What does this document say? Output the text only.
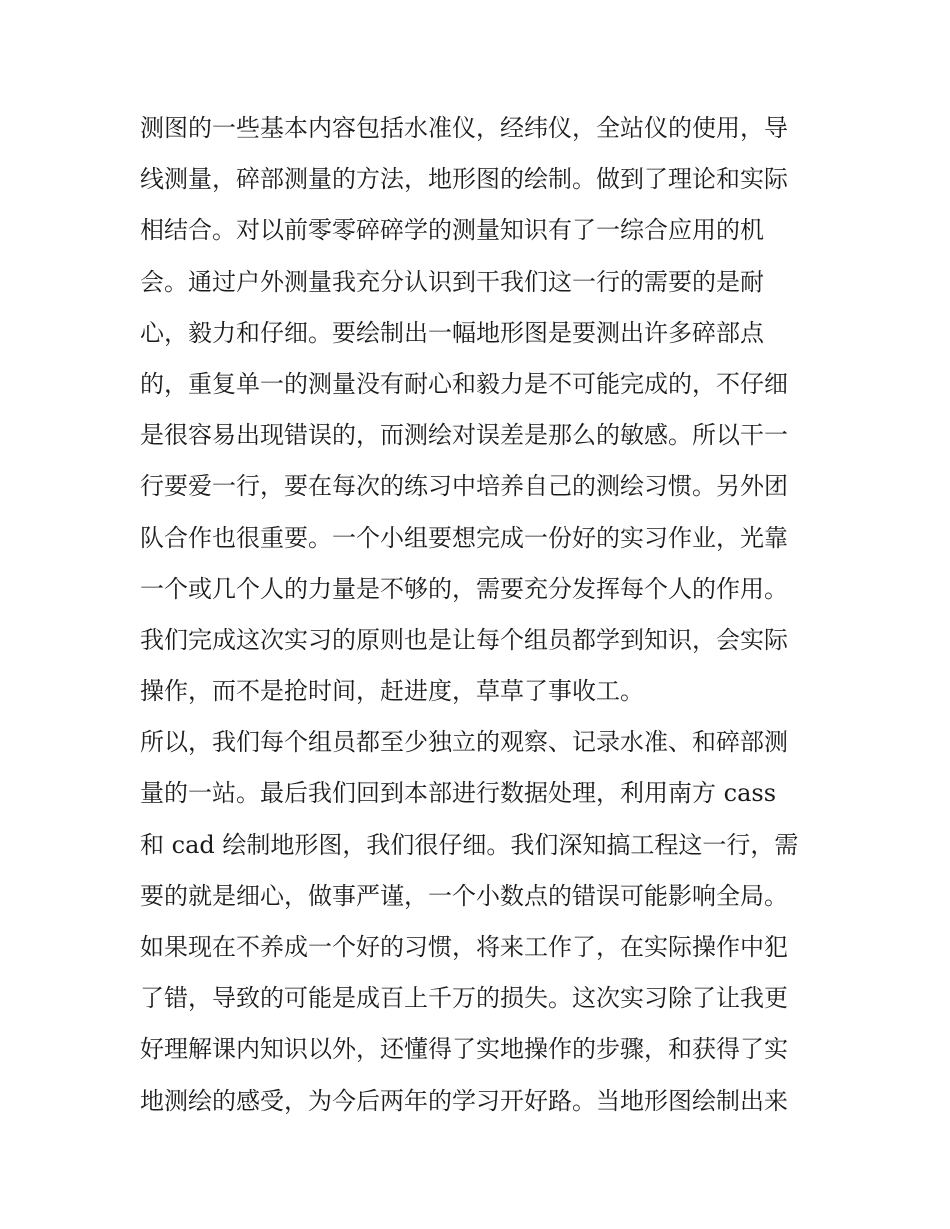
测图的一些基本内容包括水准仪，经纬仪，全站仪的使用，导
线测量，碎部测量的方法，地形图的绘制。做到了理论和实际
相结合。对以前零零碎碎学的测量知识有了一综合应用的机
会。通过户外测量我充分认识到干我们这一行的需要的是耐
心，毅力和仔细。要绘制出一幅地形图是要测出许多碎部点
的，重复单一的测量没有耐心和毅力是不可能完成的，不仔细
是很容易出现错误的，而测绘对误差是那么的敏感。所以干一
行要爱一行，要在每次的练习中培养自己的测绘习惯。另外团
队合作也很重要。一个小组要想完成一份好的实习作业，光靠
一个或几个人的力量是不够的，需要充分发挥每个人的作用。
我们完成这次实习的原则也是让每个组员都学到知识，会实际
操作，而不是抢时间，赶进度，草草了事收工。
所以，我们每个组员都至少独立的观察、记录水准、和碎部测
量的一站。最后我们回到本部进行数据处理，利用南方 cass
和 cad 绘制地形图，我们很仔细。我们深知搞工程这一行，需
要的就是细心，做事严谨，一个小数点的错误可能影响全局。
如果现在不养成一个好的习惯，将来工作了，在实际操作中犯
了错，导致的可能是成百上千万的损失。这次实习除了让我更
好理解课内知识以外，还懂得了实地操作的步骤，和获得了实
地测绘的感受，为今后两年的学习开好路。当地形图绘制出来
